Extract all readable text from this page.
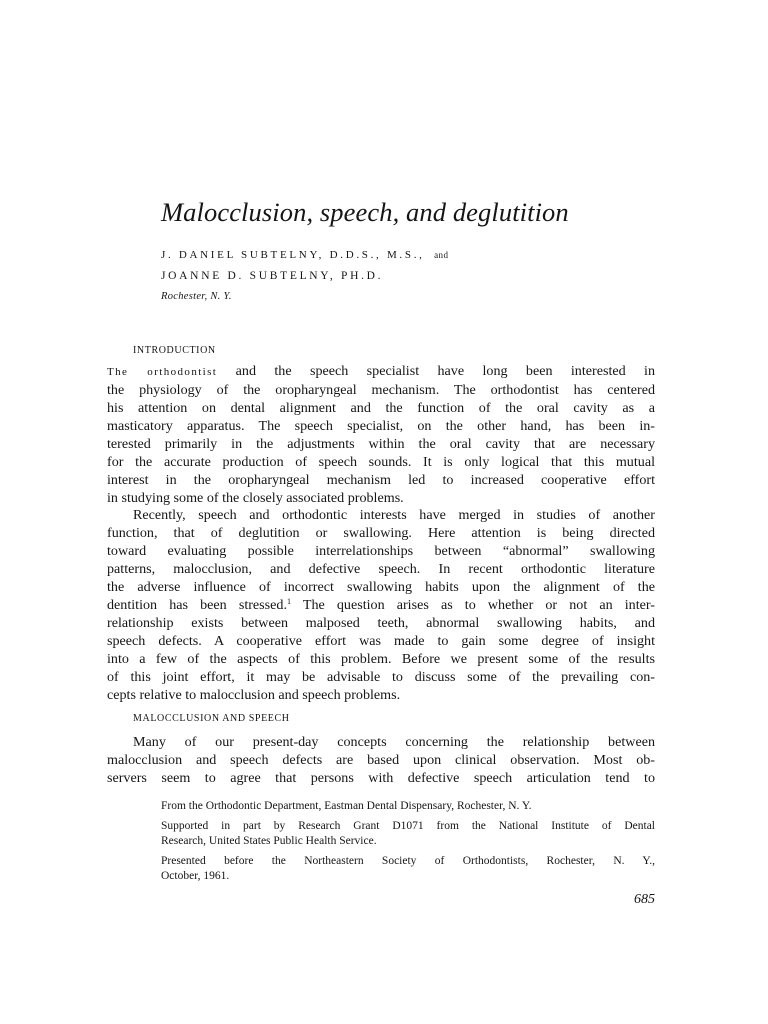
Malocclusion, speech, and deglutition

J. DANIEL SUBTELNY, D.D.S., M.S., and

JOANNE D. SUBTELNY, PH.D.

Rochester, N. Y.

INTRODUCTION
The orthodontist and the speech specialist have long been interested in
the physiology of the oropharyngeal mechanism. The orthodontist has centered
his attention on dental alignment and the function of the oral cavity as a
masticatory apparatus. The speech specialist, on the other hand, has been in-
terested primarily in the adjustments within the oral cavity that are necessary
for the accurate production of speech sounds. It is only logical that this mutual
interest in the oropharyngeal mechanism led to increased cooperative effort
in studying some of the closely associated problems.
Recently, speech and orthodontic interests have merged in studies of another
function, that of deglutition or swallowing. Here attention is being directed
toward evaluating possible interrelationships between “abnormal” swallowing
patterns, malocclusion, and defective speech. In recent orthodontic literature
the adverse influence of incorrect swallowing habits upon the alignment of the
dentition has been stressed.$^1$ The question arises as to whether or not an inter-
relationship exists between malposed teeth, abnormal swallowing habits, and
speech defects. A cooperative effort was made to gain some degree of insight
into a few of the aspects of this problem. Before we present some of the results
of this joint effort, it may be advisable to discuss some of the prevailing con-
cepts relative to malocclusion and speech problems.
MALOCCLUSION AND SPEECH
Many of our present-day concepts concerning the relationship between
malocclusion and speech defects are based upon clinical observation. Most ob-
servers seem to agree that persons with defective speech articulation tend to
From the Orthodontic Department, Eastman Dental Dispensary, Rochester, N. Y.
Supported in part by Research Grant D1071 from the National Institute of Dental
Research, United States Public Health Service.
Presented before the Northeastern Society of Orthodontists, Rochester, N. Y.,
October, 1961.

685
